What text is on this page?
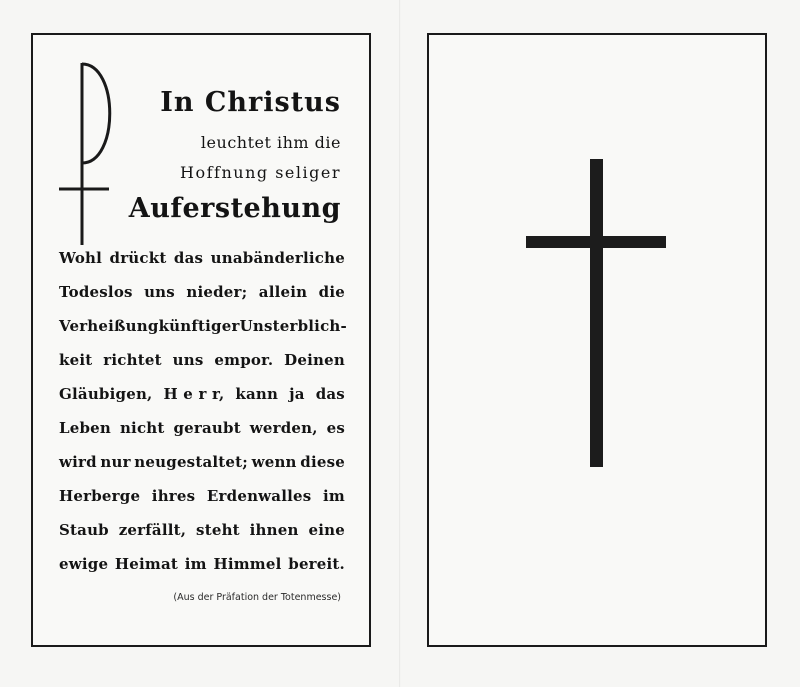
In Christus
leuchtet ihm die
Hoffnung seliger
Auferstehung
Wohl drückt das unabänderliche
Todeslos uns nieder; allein die
Verheißung künftiger Unsterblich-
keit richtet uns empor. Deinen
Gläubigen, H e r r, kann ja das
Leben nicht geraubt werden, es
wird nur neugestaltet; wenn diese
Herberge ihres Erdenwalles im
Staub zerfällt, steht ihnen eine
ewige Heimat im Himmel bereit.
(Aus der Präfation der Totenmesse)
